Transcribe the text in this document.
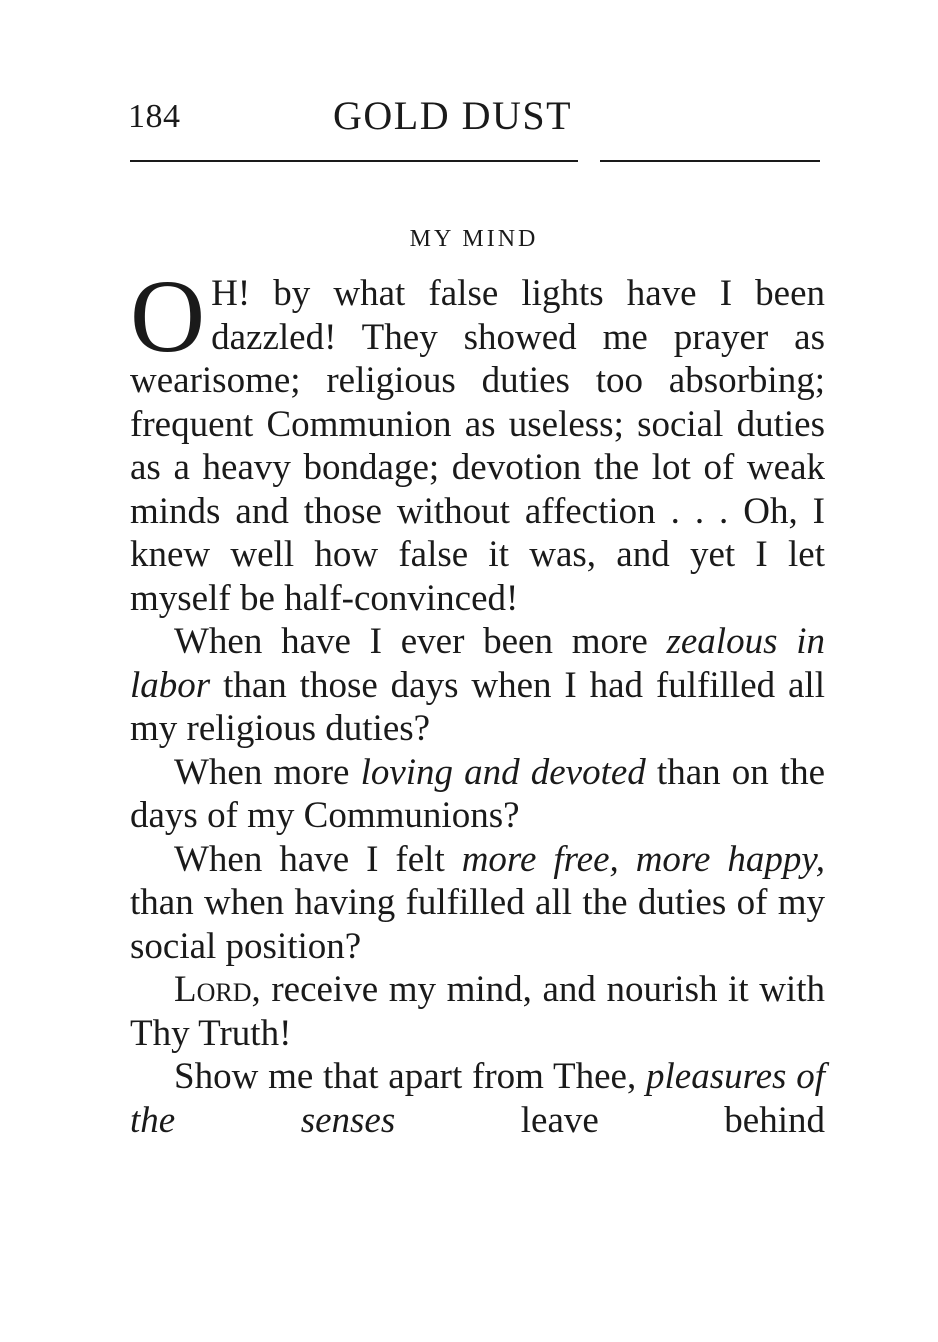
184	GOLD DUST
MY MIND

O H! by what false lights have I been dazzled! They showed me prayer as wearisome; religious duties too absorbing; frequent Communion as useless; social duties as a heavy bondage; devotion the lot of weak minds and those without affection . . . Oh, I knew well how false it was, and yet I let myself be half-convinced!

When have I ever been more zealous in labor than those days when I had fulfilled all my religious duties?

When more loving and devoted than on the days of my Communions?

When have I felt more free, more happy, than when having fulfilled all the duties of my social position?

Lord, receive my mind, and nourish it with Thy Truth!

Show me that apart from Thee, pleasures of the senses leave behind
